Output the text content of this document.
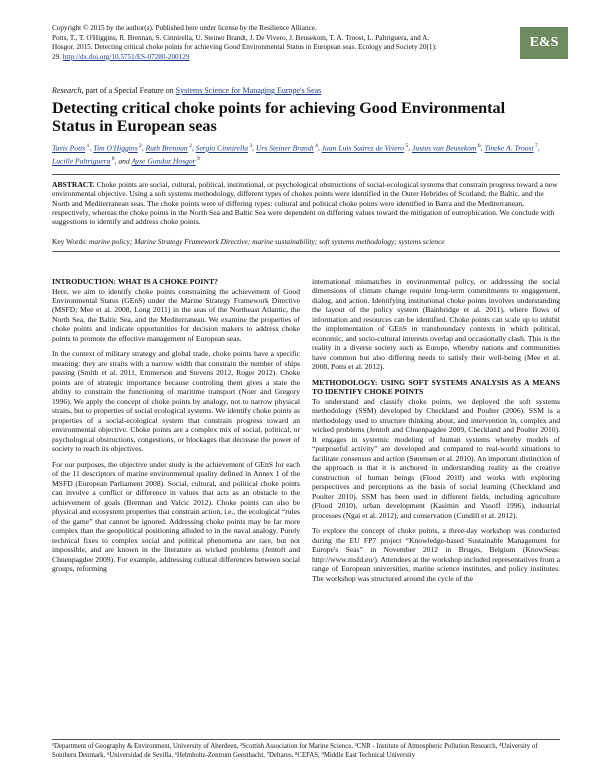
Copyright © 2015 by the author(s). Published here under license by the Resilience Alliance.
Potts, T., T. O'Higgins, R. Brennan, S. Cinnirella, U. Steiner Brandt, J. De Vivero, J. Beusekom, T. A. Troost, L. Paltriguera, and A.
Hosgor. 2015. Detecting critical choke points for achieving Good Environmental Status in European seas. Ecology and Society 20(1):
29. http://dx.doi.org/10.5751/ES-07280-200129
E&S
Research, part of a Special Feature on Systems Science for Managing Europe's Seas
Detecting critical choke points for achieving Good Environmental Status in European seas
Tavis Potts $^1$, Tim O'Higgins $^2$, Ruth Brennan $^2$, Sergio Cinnirella $^3$, Urs Steiner Brandt $^4$, Juan Luis Suárez de Vivero $^5$, Justus van Beusekom $^6$, Tineke A. Troost $^7$, Lucille Paltriguera $^8$, and Ayse Gunduz Hosgor $^9$
ABSTRACT. Choke points are social, cultural, political, institutional, or psychological obstructions of social-ecological systems that constrain progress toward a new environmental objective. Using a soft systems methodology, different types of chokes points were identified in the Outer Hebrides of Scotland, the Baltic, and the North and Mediterranean seas. The choke points were of differing types: cultural and political choke points were identified in Barra and the Mediterranean, respectively, whereas the choke points in the North Sea and Baltic Sea were dependent on differing values toward the mitigation of eutrophication. We conclude with suggestions to identify and address choke points.
Key Words: marine policy; Marine Strategy Framework Directive; marine sustainability; soft systems methodology; systems science
INTRODUCTION: WHAT IS A CHOKE POINT?

Here, we aim to identify choke points constraining the achievement of Good Environmental Status (GEnS) under the Marine Strategy Framework Directive (MSFD; Mee et al. 2008, Long 2011) in the seas of the Northeast Atlantic, the North Sea, the Baltic Sea, and the Mediterranean. We examine the properties of choke points and indicate opportunities for decision makers to address choke points to promote the effective management of European seas.

In the context of military strategy and global trade, choke points have a specific meaning: they are straits with a narrow width that constrain the number of ships passing (Smith et al. 2011, Emmerson and Stevens 2012, Roger 2012). Choke points are of strategic importance because controling them gives a state the ability to constrain the functioning of maritime transport (Noer and Gregory 1996). We apply the concept of choke points by analogy, not to narrow physical straits, but to properties of social ecological systems. We identify choke points as properties of a social-ecological system that constrain progress toward an environmental objective. Choke points are a complex mix of social, political, or psychological obstructions, congestions, or blockages that decrease the power of society to reach its objectives.

For our purposes, the objective under study is the achievement of GEnS for each of the 11 descriptors of marine environmental quality defined in Annex 1 of the MSFD (European Parliament 2008). Social, cultural, and political choke points can involve a conflict or difference in values that acts as an obstacle to the achievement of goals (Brennan and Valcic 2012). Choke points can also be physical and ecosystem properties that constrain action, i.e., the ecological “rules of the game” that cannot be ignored. Addressing choke points may be far more complex than the geopolitical positioning alluded to in the naval analogy. Purely technical fixes to complex social and political phenomena are rare, but not impossible, and are known in the literature as wicked problems (Jentoft and Chuenpagdee 2009). For example, addressing cultural differences between social groups, reforming

international mismatches in environmental policy, or addressing the social dimensions of climate change require long-term commitments to engagement, dialog, and action. Identifying institutional choke points involves understanding the layout of the policy system (Bainbridge et al. 2011), where flows of information and resources can be identified. Choke points can scale up to inhibit the implementation of GEnS in transboundary contexts in which political, economic, and socio-cultural interests overlap and occasionally clash. This is the reality in a diverse society such as Europe, whereby nations and communities have common but also differing needs to satisfy their well-being (Mee et al. 2008, Potts et al. 2012).

METHODOLOGY: USING SOFT SYSTEMS ANALYSIS AS A MEANS TO IDENTIFY CHOKE POINTS

To understand and classify choke points, we deployed the soft systems methodology (SSM) developed by Checkland and Poulter (2006). SSM is a methodology used to structure thinking about, and intervention in, complex and wicked problems (Jentoft and Chuenpagdee 2009, Checkland and Poulter 2010). It engages in systemic modeling of human systems whereby models of “purposeful activity” are developed and compared to real-world situations to facilitate consensus and action (Sørensen et al. 2010). An important distinction of the approach is that it is anchored in understanding reality as the creative construction of human beings (Flood 2010) and works with exploring perspectives and perceptions as the basis of social learning (Checkland and Poulter 2010). SSM has been used in different fields, including agriculture (Flood 2010), urban development (Kasimin and Yusoff 1996), industrial processes (Ngai et al. 2012), and conservation (Cundill et al. 2012).

To explore the concept of choke points, a three-day workshop was conducted during the EU FP7 project “Knowledge-based Sustainable Management for Europe's Seas” in November 2012 in Bruges, Belgium (KnowSeas: http://www.msfd.eu/). Attendees at the workshop included representatives from a range of European universities, marine science institutes, and policy institutes. The workshop was structured around the cycle of the

¹Department of Geography & Environment, University of Aberdeen, ²Scottish Association for Marine Science, ³CNR - Institute of Atmospheric Pollution Research, ⁴University of Southern Denmark, ⁵Universidad de Sevilla, ⁶Helmholtz-Zentrum Geesthacht, ⁷Deltares, ⁸CEFAS, ⁹Middle East Technical University
